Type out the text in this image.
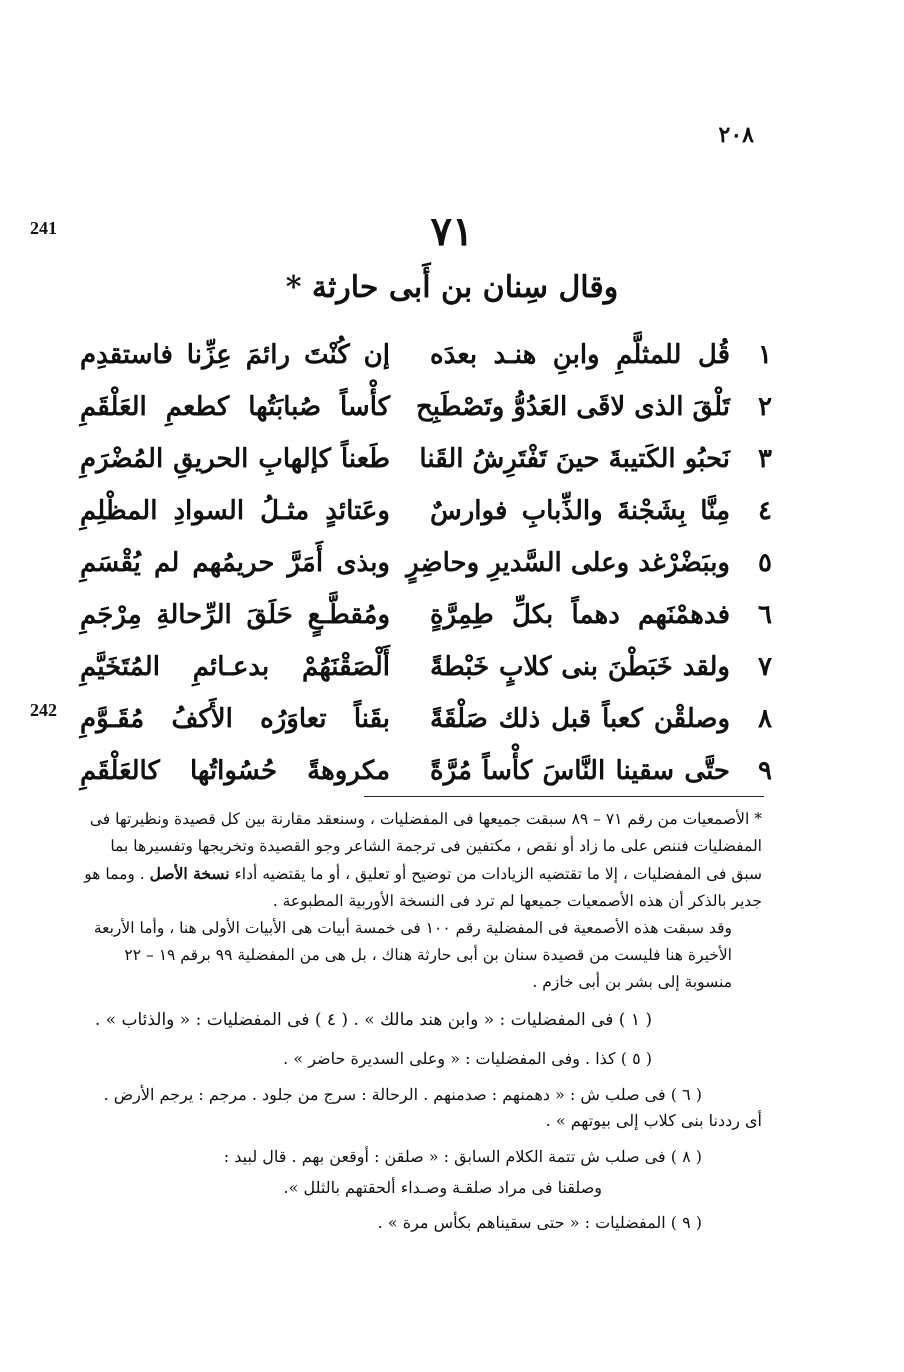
٢٠٨
241
242
٧١
وقال سِنان بن أَبى حارثة *
١
قُل للمثلَّمِ وابنِ هنـد بعدَه
إن كُنْتَ رائمَ عِزِّنا فاستقدِم
٢
تَلْقَ الذى لاقَى العَدُوُّ وتَصْطَبِح
كأْساً صُبابَتُها كطعمِ العَلْقَمِ
٣
نَحبُو الكَتيبةَ حينَ تَفْتَرِشُ القَنا
طَعناً كإلهابِ الحريقِ المُضْرَمِ
٤
مِنَّا بِشَجْنةَ والذِّبابِ فوارسٌ
وعَتائدٍ مثـلُ السوادِ المظْلِمِ
٥
وببَضْرْغد وعلى السَّديرِ وحاضِرٍ
وبذى أَمَرَّ حريمُهم لم يُقْسَمِ
٦
فدهمْنَهم دهماً بكلِّ طِمِرَّةٍ
ومُقطَّـعٍ حَلَقَ الرِّحالةِ مِرْجَمِ
٧
ولقد خَبَطْنَ بنى كلابٍ خَبْطةً
أَلْصَقْنَهُمْ بدعـائمِ المُتَخَيَّمِ
٨
وصلقْن كعباً قبل ذلك صَلْقَةً
بقَناً تعاوَرُه الأَكفُ مُقَـوَّمِ
٩
حتَّى سقينا النَّاسَ كأْساً مُرَّةً
مكروهةً حُسُواتُها كالعَلْقَمِ

* الأصمعيات من رقم ٧١ – ٨٩ سبقت جميعها فى المفضليات ، وسنعقد مقارنة بين كل قصيدة ونظيرتها فى المفضليات فننص على ما زاد أو نقص ، مكتفين فى ترجمة الشاعر وجو القصيدة وتخريجها وتفسيرها بما سبق فى المفضليات ، إلا ما تقتضيه الزيادات من توضيح أو تعليق ، أو ما يقتضيه أداء نسخة الأصل . ومما هو جدير بالذكر أن هذه الأصمعيات جميعها لم ترد فى النسخة الأوربية المطبوعة .

وقد سبقت هذه الأصمعية فى المفضلية رقم ١٠٠ فى خمسة أبيات هى الأبيات الأولى هنا ، وأما الأربعة الأخيرة هنا فليست من قصيدة سنان بن أبى حارثة هناك ، بل هى من المفضلية ٩٩ برقم ١٩ – ٢٢ منسوبة إلى بشر بن أبى خازم .

( ١ ) فى المفضليات : « وابن هند مالك » . ( ٤ ) فى المفضليات : « والذئاب » .

( ٥ ) كذا . وفى المفضليات : « وعلى السديرة حاضر » .

( ٦ ) فى صلب ش : « دهمنهم : صدمنهم . الرحالة : سرج من جلود . مرجم : يرجم الأرض .

أى رددنا بنى كلاب إلى بيوتهم » .

( ٨ ) فى صلب ش تتمة الكلام السابق : « صلقن : أوقعن بهم . قال لبيد :

وصلقنا فى مراد صلقـة وصـداء ألحقتهم بالثلل ».

( ٩ ) المفضليات : « حتى سقيناهم بكأس مرة » .
